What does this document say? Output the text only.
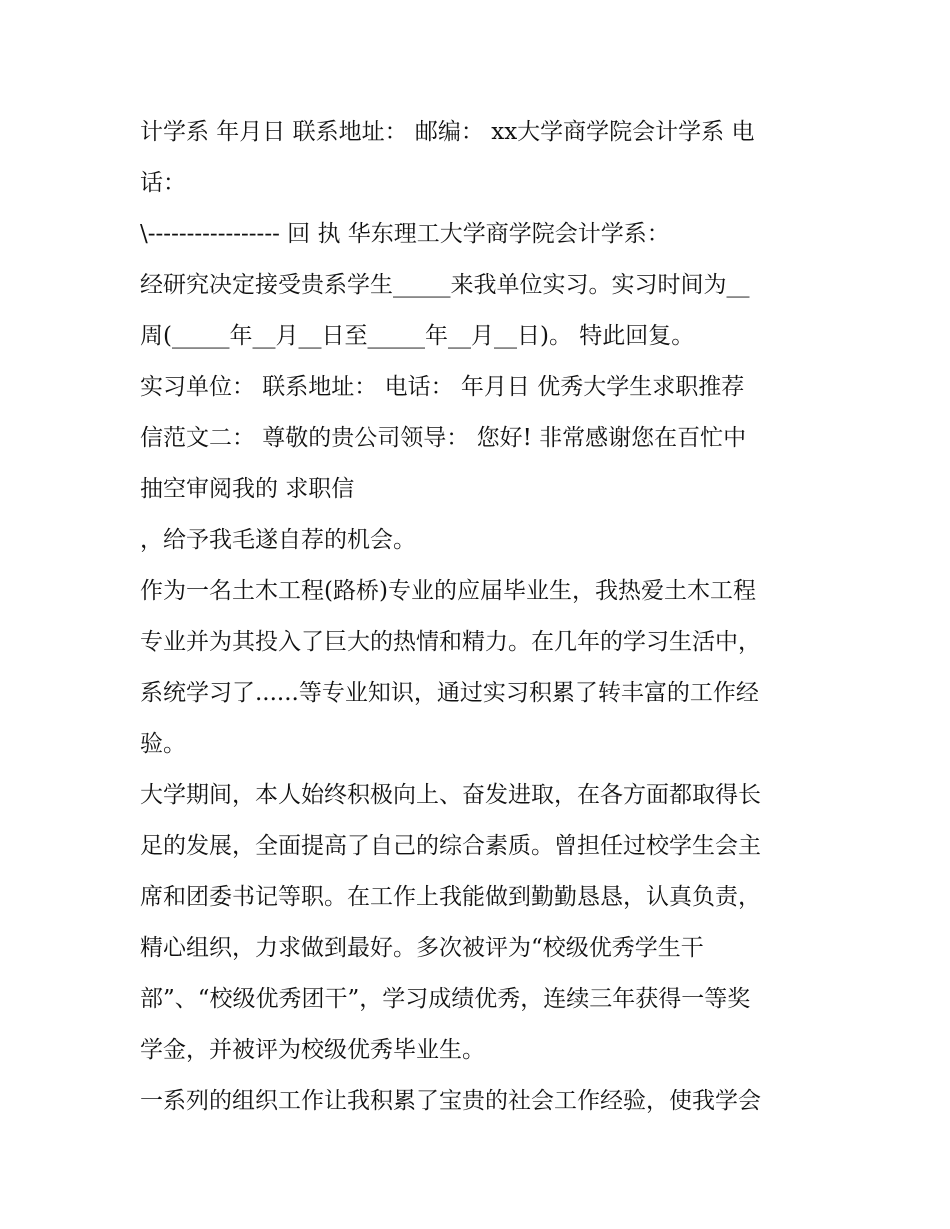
计学系 年月日 联系地址： 邮编： xx大学商学院会计学系 电
话：
\----------------- 回 执 华东理工大学商学院会计学系：
经研究决定接受贵系学生_____来我单位实习。实习时间为__
周(_____年__月__日至_____年__月__日)。 特此回复。
实习单位： 联系地址： 电话： 年月日 优秀大学生求职推荐
信范文二： 尊敬的贵公司领导： 您好! 非常感谢您在百忙中
抽空审阅我的 求职信
，给予我毛遂自荐的机会。
作为一名土木工程(路桥)专业的应届毕业生，我热爱土木工程
专业并为其投入了巨大的热情和精力。在几年的学习生活中，
系统学习了......等专业知识，通过实习积累了转丰富的工作经
验。
大学期间，本人始终积极向上、奋发进取，在各方面都取得长
足的发展，全面提高了自己的综合素质。曾担任过校学生会主
席和团委书记等职。在工作上我能做到勤勤恳恳，认真负责，
精心组织，力求做到最好。多次被评为“校级优秀学生干
部”、“校级优秀团干”，学习成绩优秀，连续三年获得一等奖
学金，并被评为校级优秀毕业生。
一系列的组织工作让我积累了宝贵的社会工作经验，使我学会
